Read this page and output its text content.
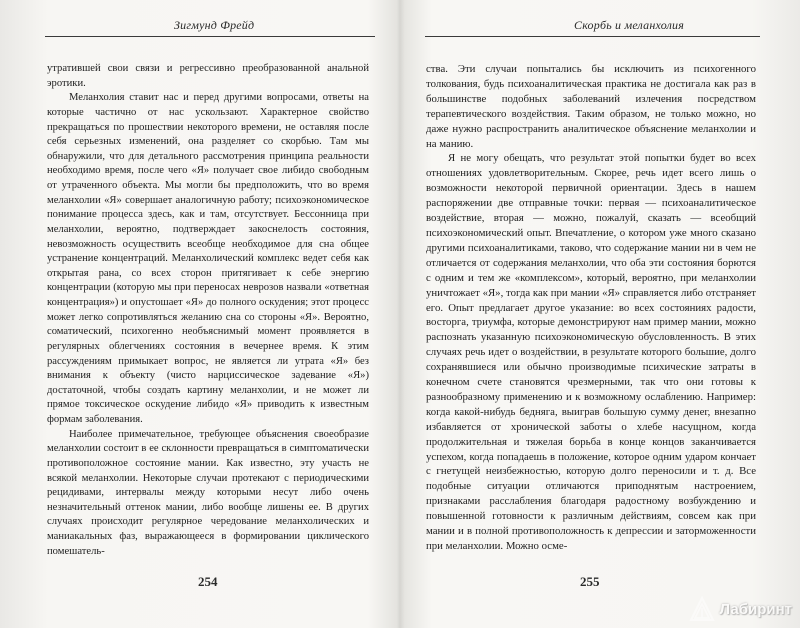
Зигмунд Фрейд

утратившей свои связи и регрессивно преобразованной анальной эротики.

Меланхолия ставит нас и перед другими вопросами, ответы на которые частично от нас ускользают. Характерное свойство прекращаться по прошествии некоторого времени, не оставляя после себя серьезных изменений, она разделяет со скорбью. Там мы обнаружили, что для детального рассмотрения принципа реальности необходимо время, после чего «Я» получает свое либидо свободным от утраченного объекта. Мы могли бы предположить, что во время меланхолии «Я» совершает аналогичную работу; психоэкономическое понимание процесса здесь, как и там, отсутствует. Бессонница при меланхолии, вероятно, подтверждает закоснелость состояния, невозможность осуществить всеобще необходимое для сна общее устранение концентраций. Меланхолический комплекс ведет себя как открытая рана, со всех сторон притягивает к себе энергию концентрации (которую мы при переносах неврозов назвали «ответная концентрация») и опустошает «Я» до полного оскудения; этот процесс может легко сопротивляться желанию сна со стороны «Я». Вероятно, соматический, психогенно необъяснимый момент проявляется в регулярных облегчениях состояния в вечернее время. К этим рассуждениям примыкает вопрос, не является ли утрата «Я» без внимания к объекту (чисто нарциссическое задевание «Я») достаточной, чтобы создать картину меланхолии, и не может ли прямое токсическое оскудение либидо «Я» приводить к известным формам заболевания.

Наиболее примечательное, требующее объяснения своеобразие меланхолии состоит в ее склонности превращаться в симптоматически противоположное состояние мании. Как известно, эту участь не всякой меланхолии. Некоторые случаи протекают с периодическими рецидивами, интервалы между которыми несут либо очень незначительный оттенок мании, либо вообще лишены ее. В других случаях происходит регулярное чередование меланхолических и маниакальных фаз, выражающееся в формировании циклического помешатель-

254
Скорбь и меланхолия

ства. Эти случаи попытались бы исключить из психогенного толкования, будь психоаналитическая практика не достигала как раз в большинстве подобных заболеваний излечения посредством терапевтического воздействия. Таким образом, не только можно, но даже нужно распространить аналитическое объяснение меланхолии и на манию.

Я не могу обещать, что результат этой попытки будет во всех отношениях удовлетворительным. Скорее, речь идет всего лишь о возможности некоторой первичной ориентации. Здесь в нашем распоряжении две отправные точки: первая — психоаналитическое воздействие, вторая — можно, пожалуй, сказать — всеобщий психоэкономический опыт. Впечатление, о котором уже много сказано другими психоаналитиками, таково, что содержание мании ни в чем не отличается от содержания меланхолии, что оба эти состояния борются с одним и тем же «комплексом», который, вероятно, при меланхолии уничтожает «Я», тогда как при мании «Я» справляется либо отстраняет его. Опыт предлагает другое указание: во всех состояниях радости, восторга, триумфа, которые демонстрируют нам пример мании, можно распознать указанную психоэкономическую обусловленность. В этих случаях речь идет о воздействии, в результате которого большие, долго сохранявшиеся или обычно производимые психические затраты в конечном счете становятся чрезмерными, так что они готовы к разнообразному применению и к возможному ослаблению. Например: когда какой-нибудь бедняга, выиграв большую сумму денег, внезапно избавляется от хронической заботы о хлебе насущном, когда продолжительная и тяжелая борьба в конце концов заканчивается успехом, когда попадаешь в положение, которое одним ударом кончает с гнетущей неизбежностью, которую долго переносили и т. д. Все подобные ситуации отличаются приподнятым настроением, признаками расслабления благодаря радостному возбуждению и повышенной готовности к различным действиям, совсем как при мании и в полной противоположность к депрессии и заторможенности при меланхолии. Можно осме-

255
Лабиринт
